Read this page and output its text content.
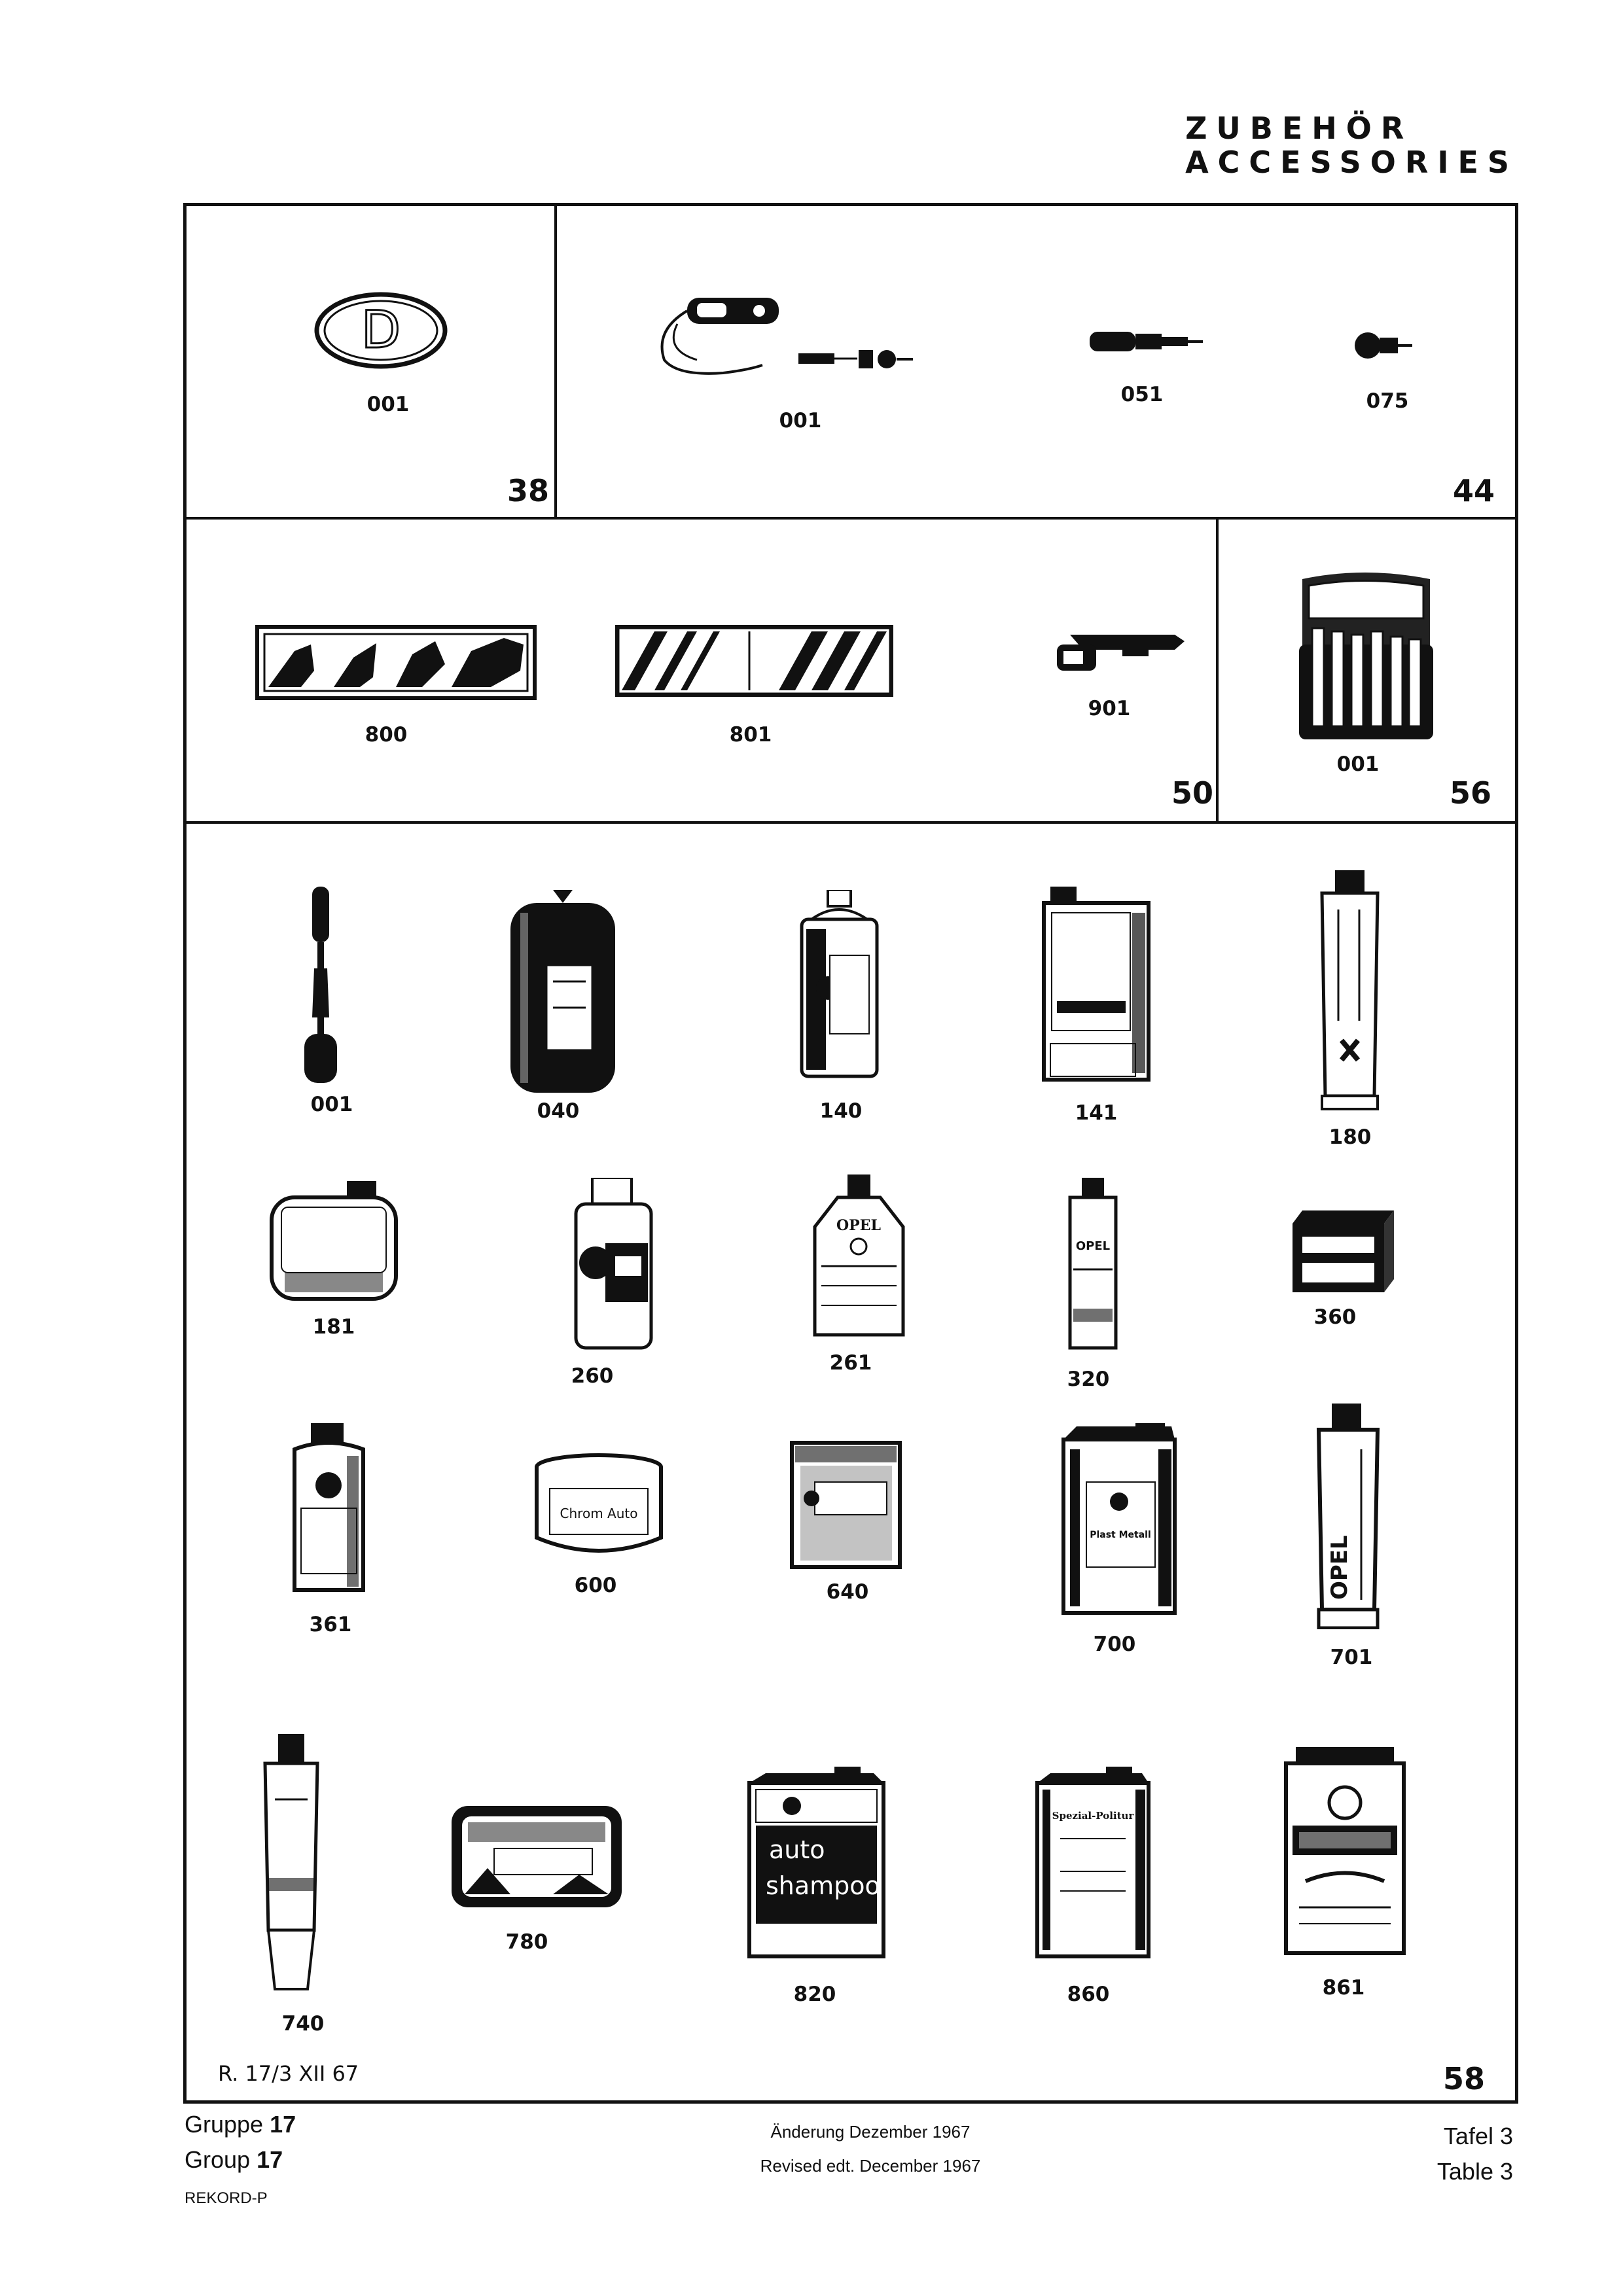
ZUBEHÖR
ACCESSORIES
D
001
38
001
051	075
44
800	801
901
50
001
56
001	040	140	141
180
181
260
OPEL
261
OPEL
320
360
361
Chrom Auto
600	640
Plast Metall
700
OPEL
701
740
780
auto
shampoo
820
Spezial-Politur
860	861
R. 17/3 XII 67	58
Gruppe 17
Group 17
Änderung Dezember 1967
Revised edt. December 1967
Tafel 3
Table 3
REKORD-P
